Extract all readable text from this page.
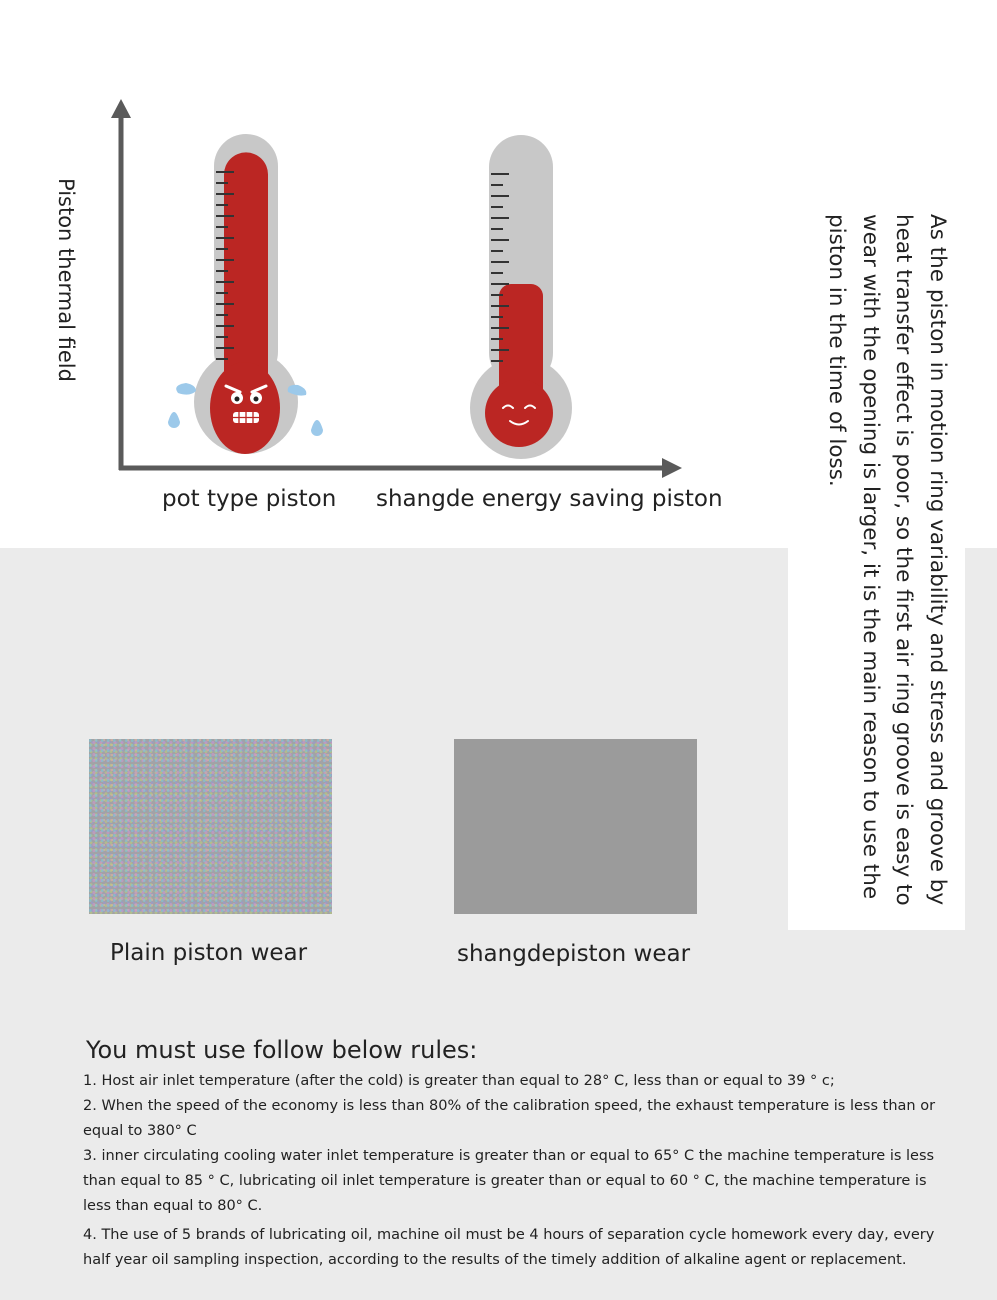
Piston thermal field
pot type piston shangde energy saving piston	As the piston in motion ring variability and stress and groove by heat transfer effect is poor, so the first air ring groove is easy to wear with the opening is larger, it is the main reason to use the piston in the time of loss.
Plain piston wear	shangdepiston wear
You must use follow below rules:

1. Host air inlet temperature (after the cold) is greater than equal to 28° C, less than or equal to 39 ° c;

2. When the speed of the economy is less than 80% of the calibration speed, the exhaust temperature is less than or equal to 380° C

3. inner circulating cooling water inlet temperature is greater than or equal to 65° C the machine temperature is less than equal to 85 ° C, lubricating oil inlet temperature is greater than or equal to 60 ° C, the machine temperature is less than equal to 80° C.

4. The use of 5 brands of lubricating oil, machine oil must be 4 hours of separation cycle homework every day, every half year oil sampling inspection, according to the results of the timely addition of alkaline agent or replacement.
